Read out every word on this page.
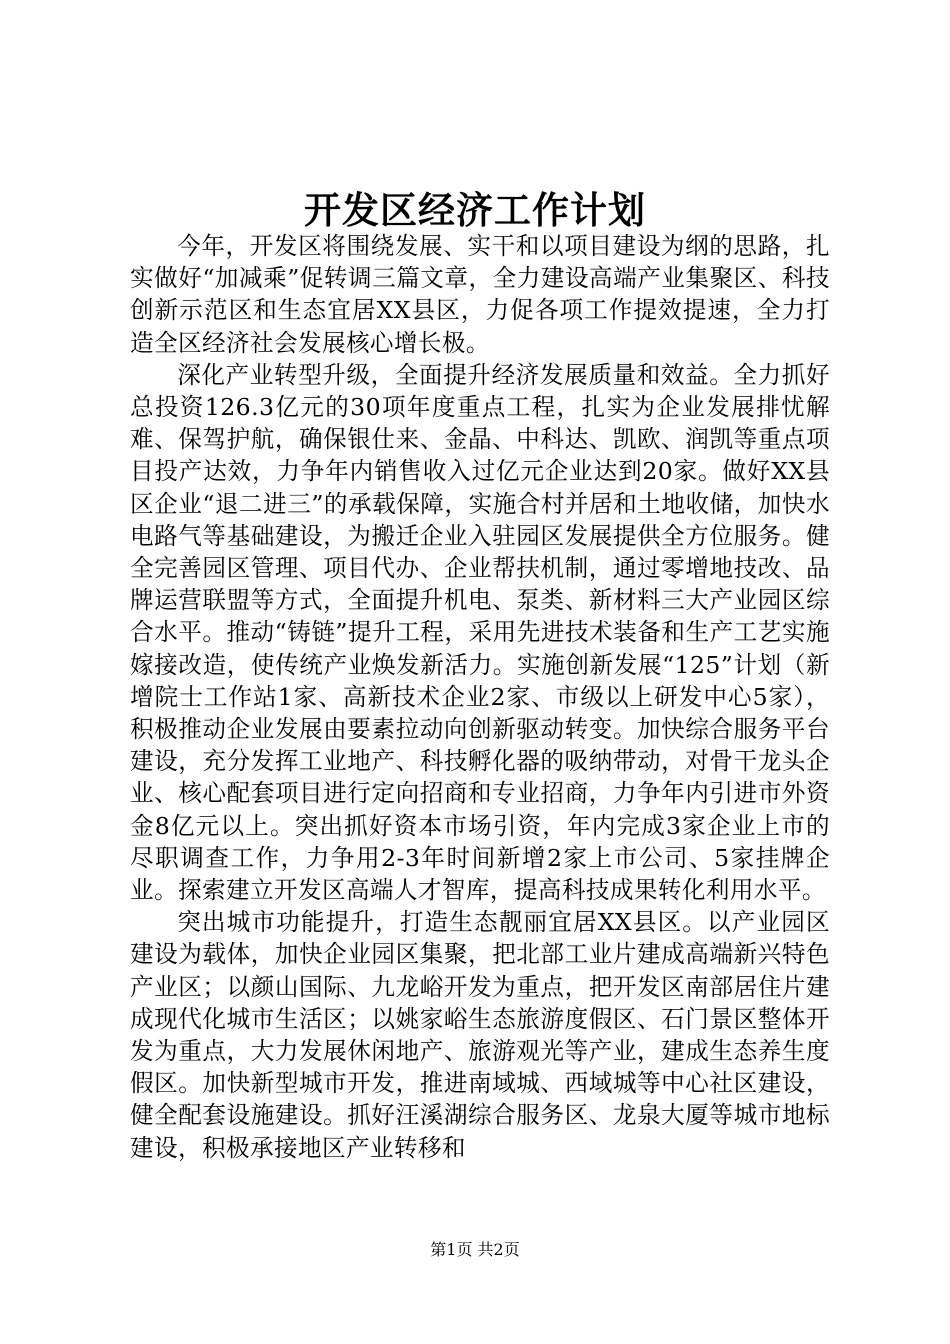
开发区经济工作计划

今年，开发区将围绕发展、实干和以项目建设为纲的思路，扎实做好“加减乘”促转调三篇文章，全力建设高端产业集聚区、科技创新示范区和生态宜居XX县区，力促各项工作提效提速，全力打造全区经济社会发展核心增长极。

深化产业转型升级，全面提升经济发展质量和效益。全力抓好总投资126.3亿元的30项年度重点工程，扎实为企业发展排忧解难、保驾护航，确保银仕来、金晶、中科达、凯欧、润凯等重点项目投产达效，力争年内销售收入过亿元企业达到20家。做好XX县区企业“退二进三”的承载保障，实施合村并居和土地收储，加快水电路气等基础建设，为搬迁企业入驻园区发展提供全方位服务。健全完善园区管理、项目代办、企业帮扶机制，通过零增地技改、品牌运营联盟等方式，全面提升机电、泵类、新材料三大产业园区综合水平。推动“铸链”提升工程，采用先进技术装备和生产工艺实施嫁接改造，使传统产业焕发新活力。实施创新发展“125”计划（新增院士工作站1家、高新技术企业2家、市级以上研发中心5家），积极推动企业发展由要素拉动向创新驱动转变。加快综合服务平台建设，充分发挥工业地产、科技孵化器的吸纳带动，对骨干龙头企业、核心配套项目进行定向招商和专业招商，力争年内引进市外资金8亿元以上。突出抓好资本市场引资，年内完成3家企业上市的尽职调查工作，力争用2-3年时间新增2家上市公司、5家挂牌企业。探索建立开发区高端人才智库，提高科技成果转化利用水平。

突出城市功能提升，打造生态靓丽宜居XX县区。以产业园区建设为载体，加快企业园区集聚，把北部工业片建成高端新兴特色产业区；以颜山国际、九龙峪开发为重点，把开发区南部居住片建成现代化城市生活区；以姚家峪生态旅游度假区、石门景区整体开发为重点，大力发展休闲地产、旅游观光等产业，建成生态养生度假区。加快新型城市开发，推进南域城、西域城等中心社区建设，健全配套设施建设。抓好汪溪湖综合服务区、龙泉大厦等城市地标建设，积极承接地区产业转移和

第1页 共2页
